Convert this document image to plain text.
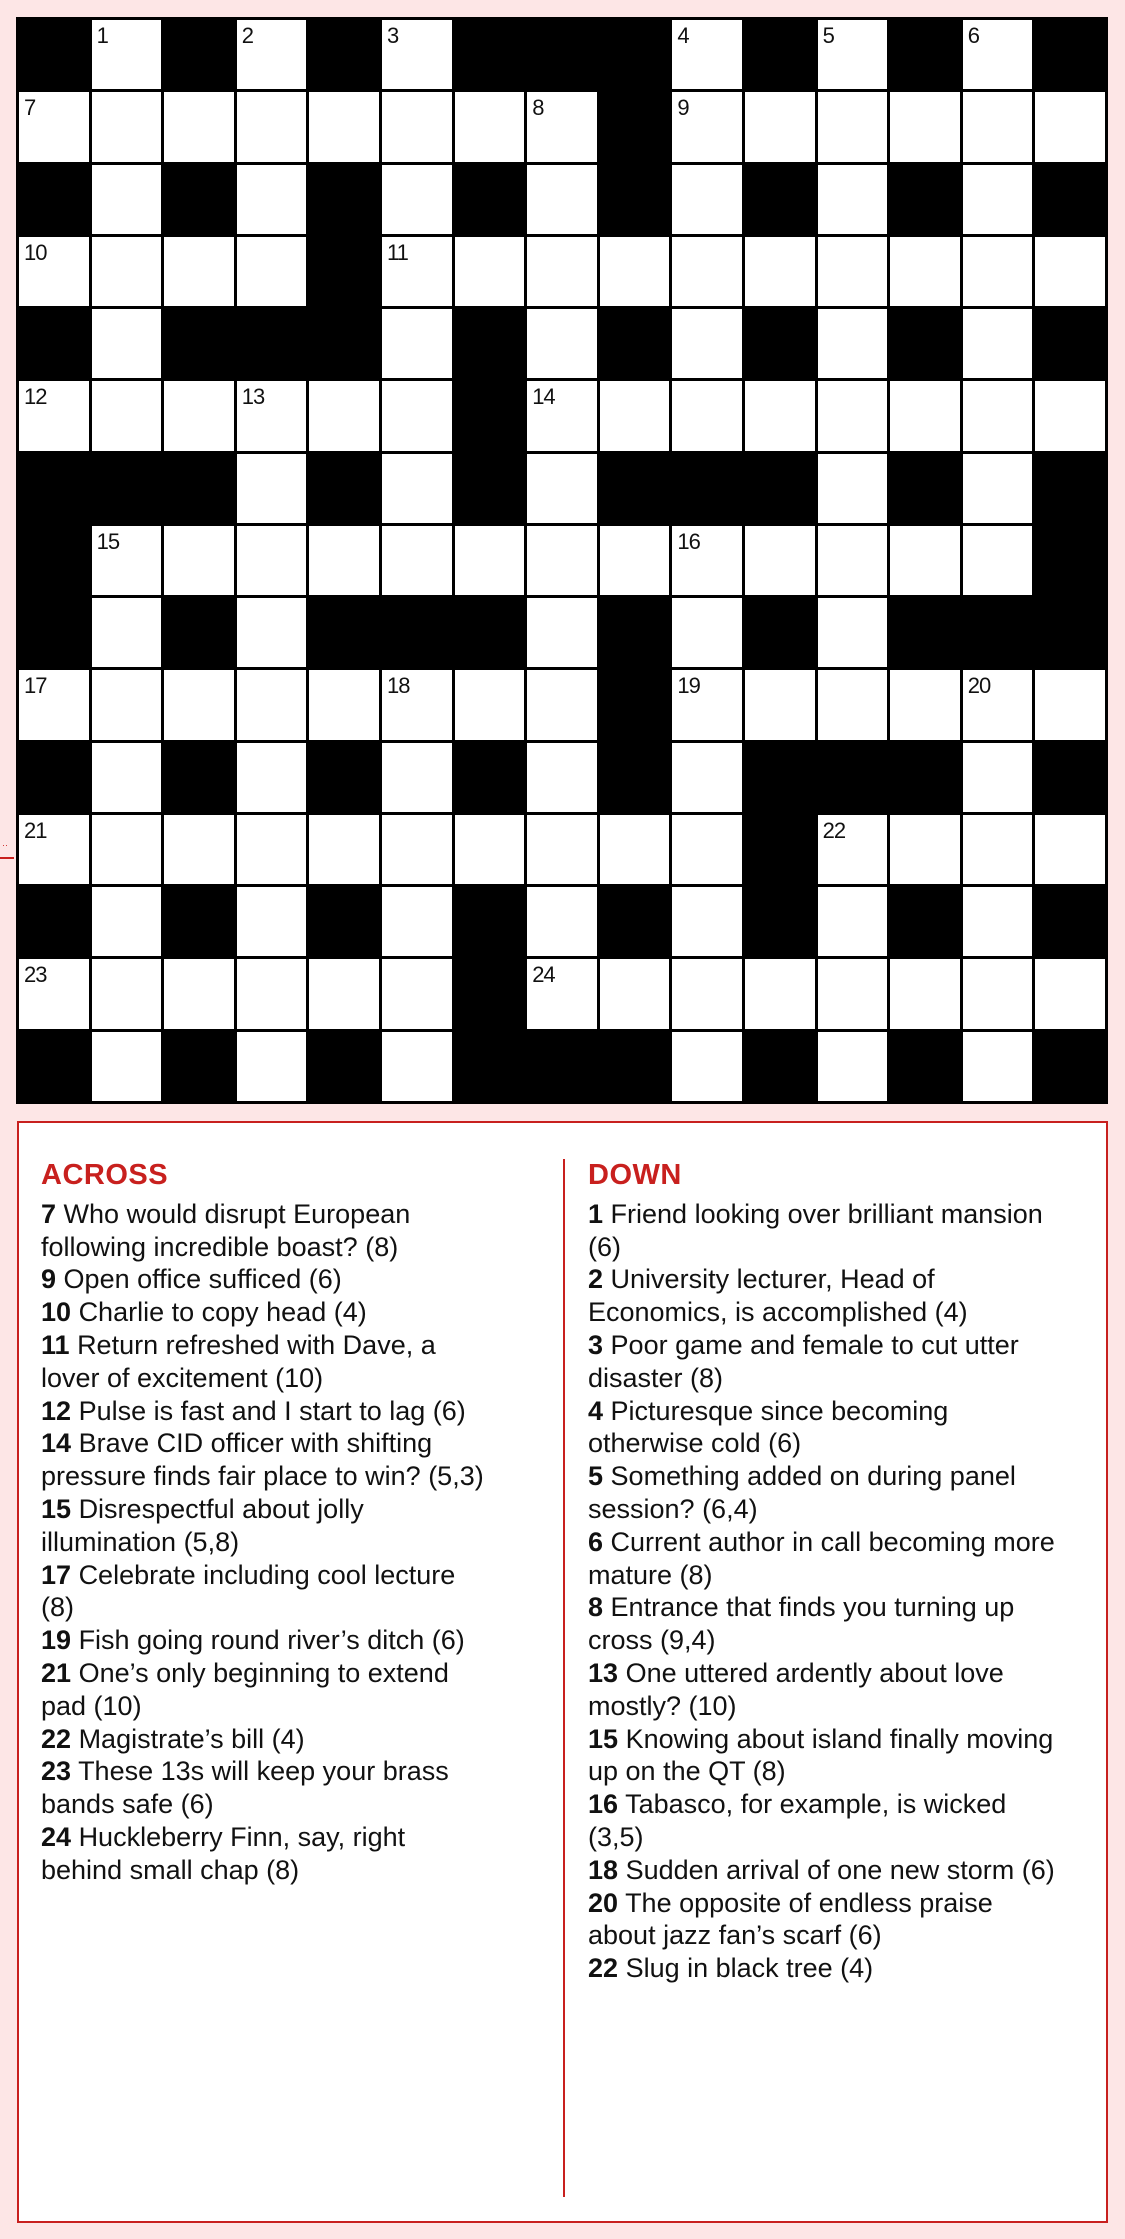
··
1	2	3	4	5	6
7	8	9
10	11
12	13	14
15	16
17	18	19	20
21	22
23	24
ACROSS
7 Who would disrupt European following incredible boast? (8)
9 Open office sufficed (6)
10 Charlie to copy head (4)
11 Return refreshed with Dave, a lover of excitement (10)
12 Pulse is fast and I start to lag (6)
14 Brave CID officer with shifting pressure finds fair place to win? (5,3)
15 Disrespectful about jolly illumination (5,8)
17 Celebrate including cool lecture (8)
19 Fish going round river’s ditch (6)
21 One’s only beginning to extend pad (10)
22 Magistrate’s bill (4)
23 These 13s will keep your brass bands safe (6)
24 Huckleberry Finn, say, right behind small chap (8)
DOWN
1 Friend looking over brilliant mansion (6)
2 University lecturer, Head of Economics, is accomplished (4)
3 Poor game and female to cut utter disaster (8)
4 Picturesque since becoming otherwise cold (6)
5 Something added on during panel session? (6,4)
6 Current author in call becoming more mature (8)
8 Entrance that finds you turning up cross (9,4)
13 One uttered ardently about love mostly? (10)
15 Knowing about island finally moving up on the QT (8)
16 Tabasco, for example, is wicked (3,5)
18 Sudden arrival of one new storm (6)
20 The opposite of endless praise about jazz fan’s scarf (6)
22 Slug in black tree (4)
